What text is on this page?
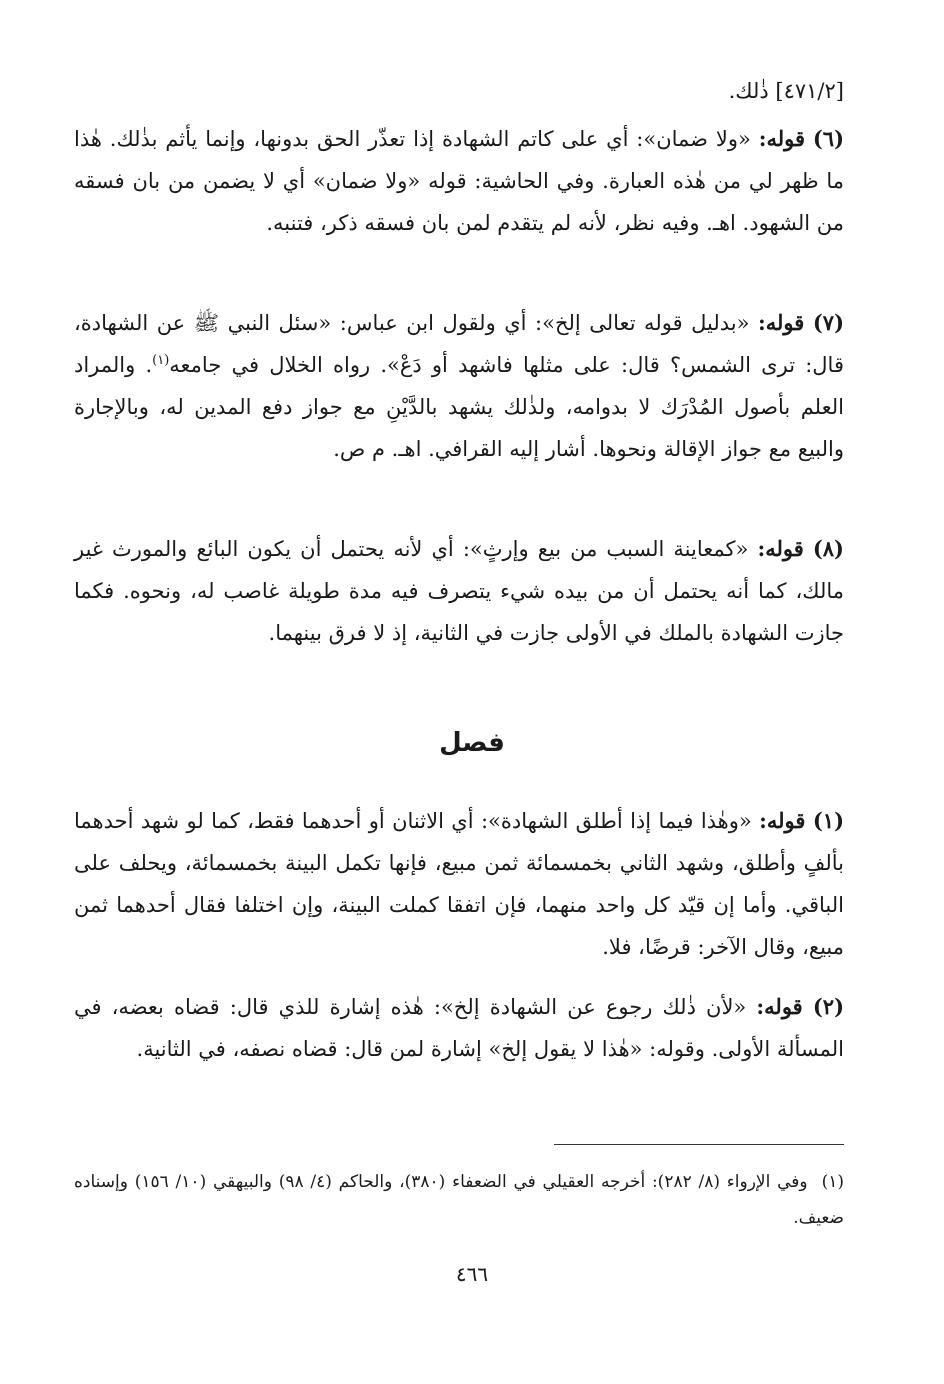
[٤٧١/٢] ذٰلك.
(٦) قوله: «ولا ضمان»: أي على كاتم الشهادة إذا تعذّر الحق بدونها، وإنما يأثم بذٰلك. هٰذا ما ظهر لي من هٰذه العبارة. وفي الحاشية: قوله «ولا ضمان» أي لا يضمن من بان فسقه من الشهود. اهـ. وفيه نظر، لأنه لم يتقدم لمن بان فسقه ذكر، فتنبه.
(٧) قوله: «بدليل قوله تعالى إلخ»: أي ولقول ابن عباس: «سئل النبي ﷺ عن الشهادة، قال: ترى الشمس؟ قال: على مثلها فاشهد أو دَعْ». رواه الخلال في جامعه$^{(١)}$. والمراد العلم بأصول المُدْرَك لا بدوامه، ولذٰلك يشهد بالدَّيْنِ مع جواز دفع المدين له، وبالإجارة والبيع مع جواز الإقالة ونحوها. أشار إليه القرافي. اهـ. م ص.
(٨) قوله: «كمعاينة السبب من بيع وإرثٍ»: أي لأنه يحتمل أن يكون البائع والمورث غير مالك، كما أنه يحتمل أن من بيده شيء يتصرف فيه مدة طويلة غاصب له، ونحوه. فكما جازت الشهادة بالملك في الأولى جازت في الثانية، إذ لا فرق بينهما.
فصل
(١) قوله: «وهٰذا فيما إذا أطلق الشهادة»: أي الاثنان أو أحدهما فقط، كما لو شهد أحدهما بألفٍ وأطلق، وشهد الثاني بخمسمائة ثمن مبيع، فإنها تكمل البينة بخمسمائة، ويحلف على الباقي. وأما إن قيّد كل واحد منهما، فإن اتفقا كملت البينة، وإن اختلفا فقال أحدهما ثمن مبيع، وقال الآخر: قرضًا، فلا.
(٢) قوله: «لأن ذٰلك رجوع عن الشهادة إلخ»: هٰذه إشارة للذي قال: قضاه بعضه، في المسألة الأولى. وقوله: «هٰذا لا يقول إلخ» إشارة لمن قال: قضاه نصفه، في الثانية.
(١)وفي الإرواء (٨/ ٢٨٢): أخرجه العقيلي في الضعفاء (٣٨٠)، والحاكم (٤/ ٩٨) والبيهقي (١٠/ ١٥٦) وإسناده ضعيف.
٤٦٦
